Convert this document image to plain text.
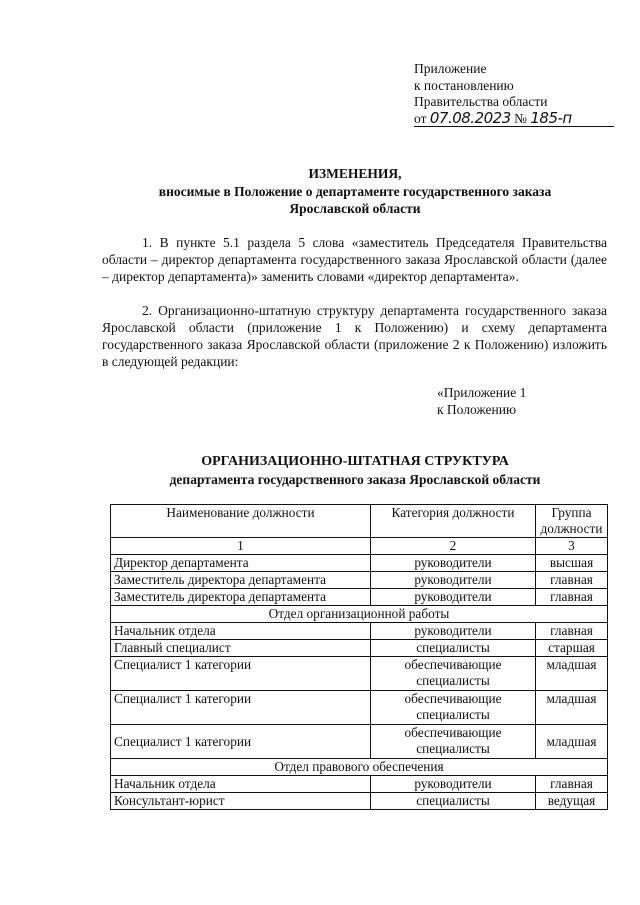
Приложение
к постановлению
Правительства области
от 07.08.2023 № 185-п
ИЗМЕНЕНИЯ,
вносимые в Положение о департаменте государственного заказа
Ярославской области
1. В пункте 5.1 раздела 5 слова «заместитель Председателя Правительства области – директор департамента государственного заказа Ярославской области (далее – директор департамента)» заменить словами «директор департамента».
2. Организационно-штатную структуру департамента государственного заказа Ярославской области (приложение 1 к Положению) и схему департамента государственного заказа Ярославской области (приложение 2 к Положению) изложить в следующей редакции:
«Приложение 1
к Положению
ОРГАНИЗАЦИОННО-ШТАТНАЯ СТРУКТУРА
департамента государственного заказа Ярославской области
Наименование должности	Категория должности	Группа должности
1	2	3
Директор департамента	руководители	высшая
Заместитель директора департамента	руководители	главная
Заместитель директора департамента	руководители	главная
Отдел организационной работы		
Начальник отдела	руководители	главная
Главный специалист	специалисты	старшая
Специалист 1 категории	обеспечивающие специалисты	младшая
Специалист 1 категории	обеспечивающие специалисты	младшая
Специалист 1 категории	обеспечивающие специалисты	младшая
Отдел правового обеспечения		
Начальник отдела	руководители	главная
Консультант-юрист	специалисты	ведущая
